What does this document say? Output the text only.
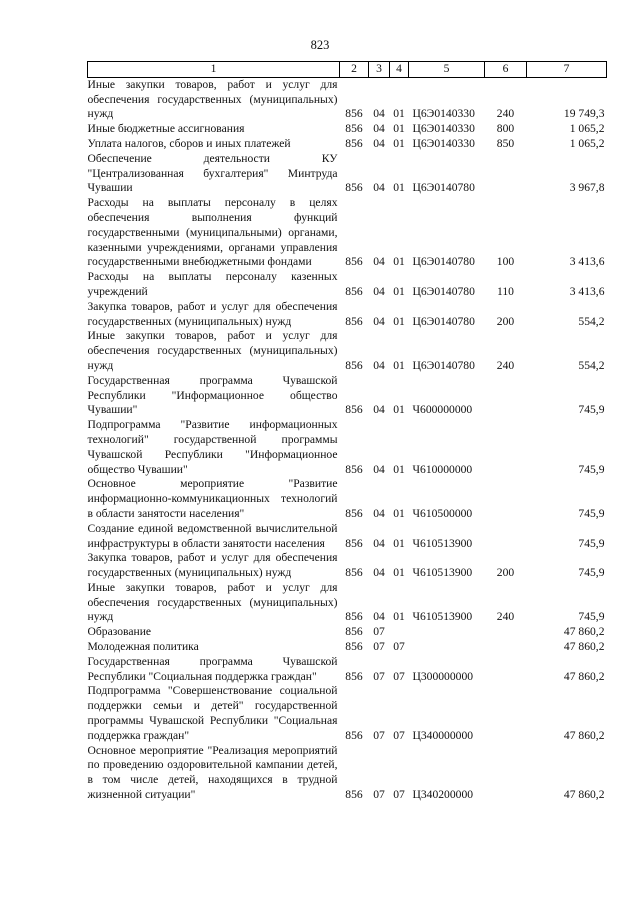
823
1	2	3	4	5	6	7
Иные закупки товаров, работ и услуг для обеспечения государственных (муниципальных) нужд	856	04	01	Ц6Э0140330	240	19 749,3
Иные бюджетные ассигнования	856	04	01	Ц6Э0140330	800	1 065,2
Уплата налогов, сборов и иных платежей	856	04	01	Ц6Э0140330	850	1 065,2
Обеспечение деятельности КУ "Централизованная бухгалтерия" Минтруда Чувашии	856	04	01	Ц6Э0140780		3 967,8
Расходы на выплаты персоналу в целях обеспечения выполнения функций государственными (муниципальными) органами, казенными учреждениями, органами управления государственными внебюджетными фондами	856	04	01	Ц6Э0140780	100	3 413,6
Расходы на выплаты персоналу казенных учреждений	856	04	01	Ц6Э0140780	110	3 413,6
Закупка товаров, работ и услуг для обеспечения государственных (муниципальных) нужд	856	04	01	Ц6Э0140780	200	554,2
Иные закупки товаров, работ и услуг для обеспечения государственных (муниципальных) нужд	856	04	01	Ц6Э0140780	240	554,2
Государственная программа Чувашской Республики "Информационное общество Чувашии"	856	04	01	Ч600000000		745,9
Подпрограмма "Развитие информационных технологий" государственной программы Чувашской Республики "Информационное общество Чувашии"	856	04	01	Ч610000000		745,9
Основное мероприятие "Развитие информационно-коммуникационных технологий в области занятости населения"	856	04	01	Ч610500000		745,9
Создание единой ведомственной вычислительной инфраструктуры в области занятости населения	856	04	01	Ч610513900		745,9
Закупка товаров, работ и услуг для обеспечения государственных (муниципальных) нужд	856	04	01	Ч610513900	200	745,9
Иные закупки товаров, работ и услуг для обеспечения государственных (муниципальных) нужд	856	04	01	Ч610513900	240	745,9
Образование	856	07				47 860,2
Молодежная политика	856	07	07			47 860,2
Государственная программа Чувашской Республики "Социальная поддержка граждан"	856	07	07	Ц300000000		47 860,2
Подпрограмма "Совершенствование социальной поддержки семьи и детей" государственной программы Чувашской Республики "Социальная поддержка граждан"	856	07	07	Ц340000000		47 860,2
Основное мероприятие "Реализация мероприятий по проведению оздоровительной кампании детей, в том числе детей, находящихся в трудной жизненной ситуации"	856	07	07	Ц340200000		47 860,2
